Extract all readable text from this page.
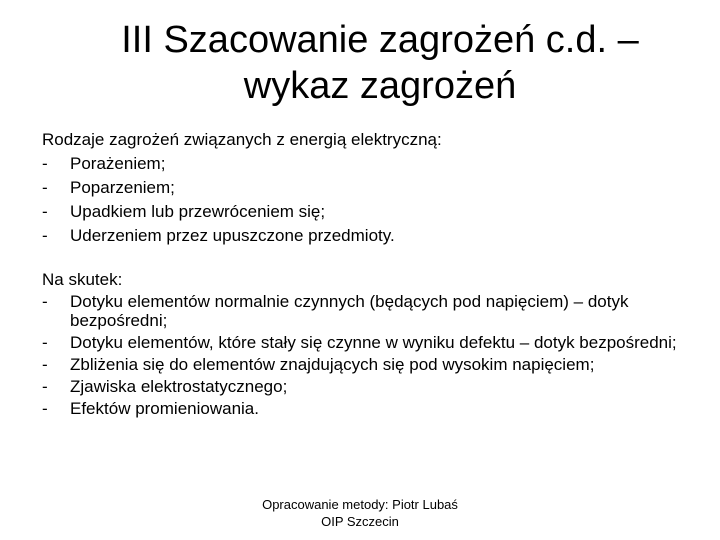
III Szacowanie zagrożeń c.d. –
wykaz zagrożeń
Rodzaje zagrożeń związanych z energią elektryczną:
- Porażeniem;
- Poparzeniem;
- Upadkiem lub przewróceniem się;
- Uderzeniem przez upuszczone przedmioty.
Na skutek:
- Dotyku elementów normalnie czynnych (będących pod napięciem) – dotyk bezpośredni;
- Dotyku elementów, które stały się czynne w wyniku defektu – dotyk bezpośredni;
- Zbliżenia się do elementów znajdujących się pod wysokim napięciem;
- Zjawiska elektrostatycznego;
- Efektów promieniowania.
Opracowanie metody: Piotr Lubaś
OIP Szczecin
